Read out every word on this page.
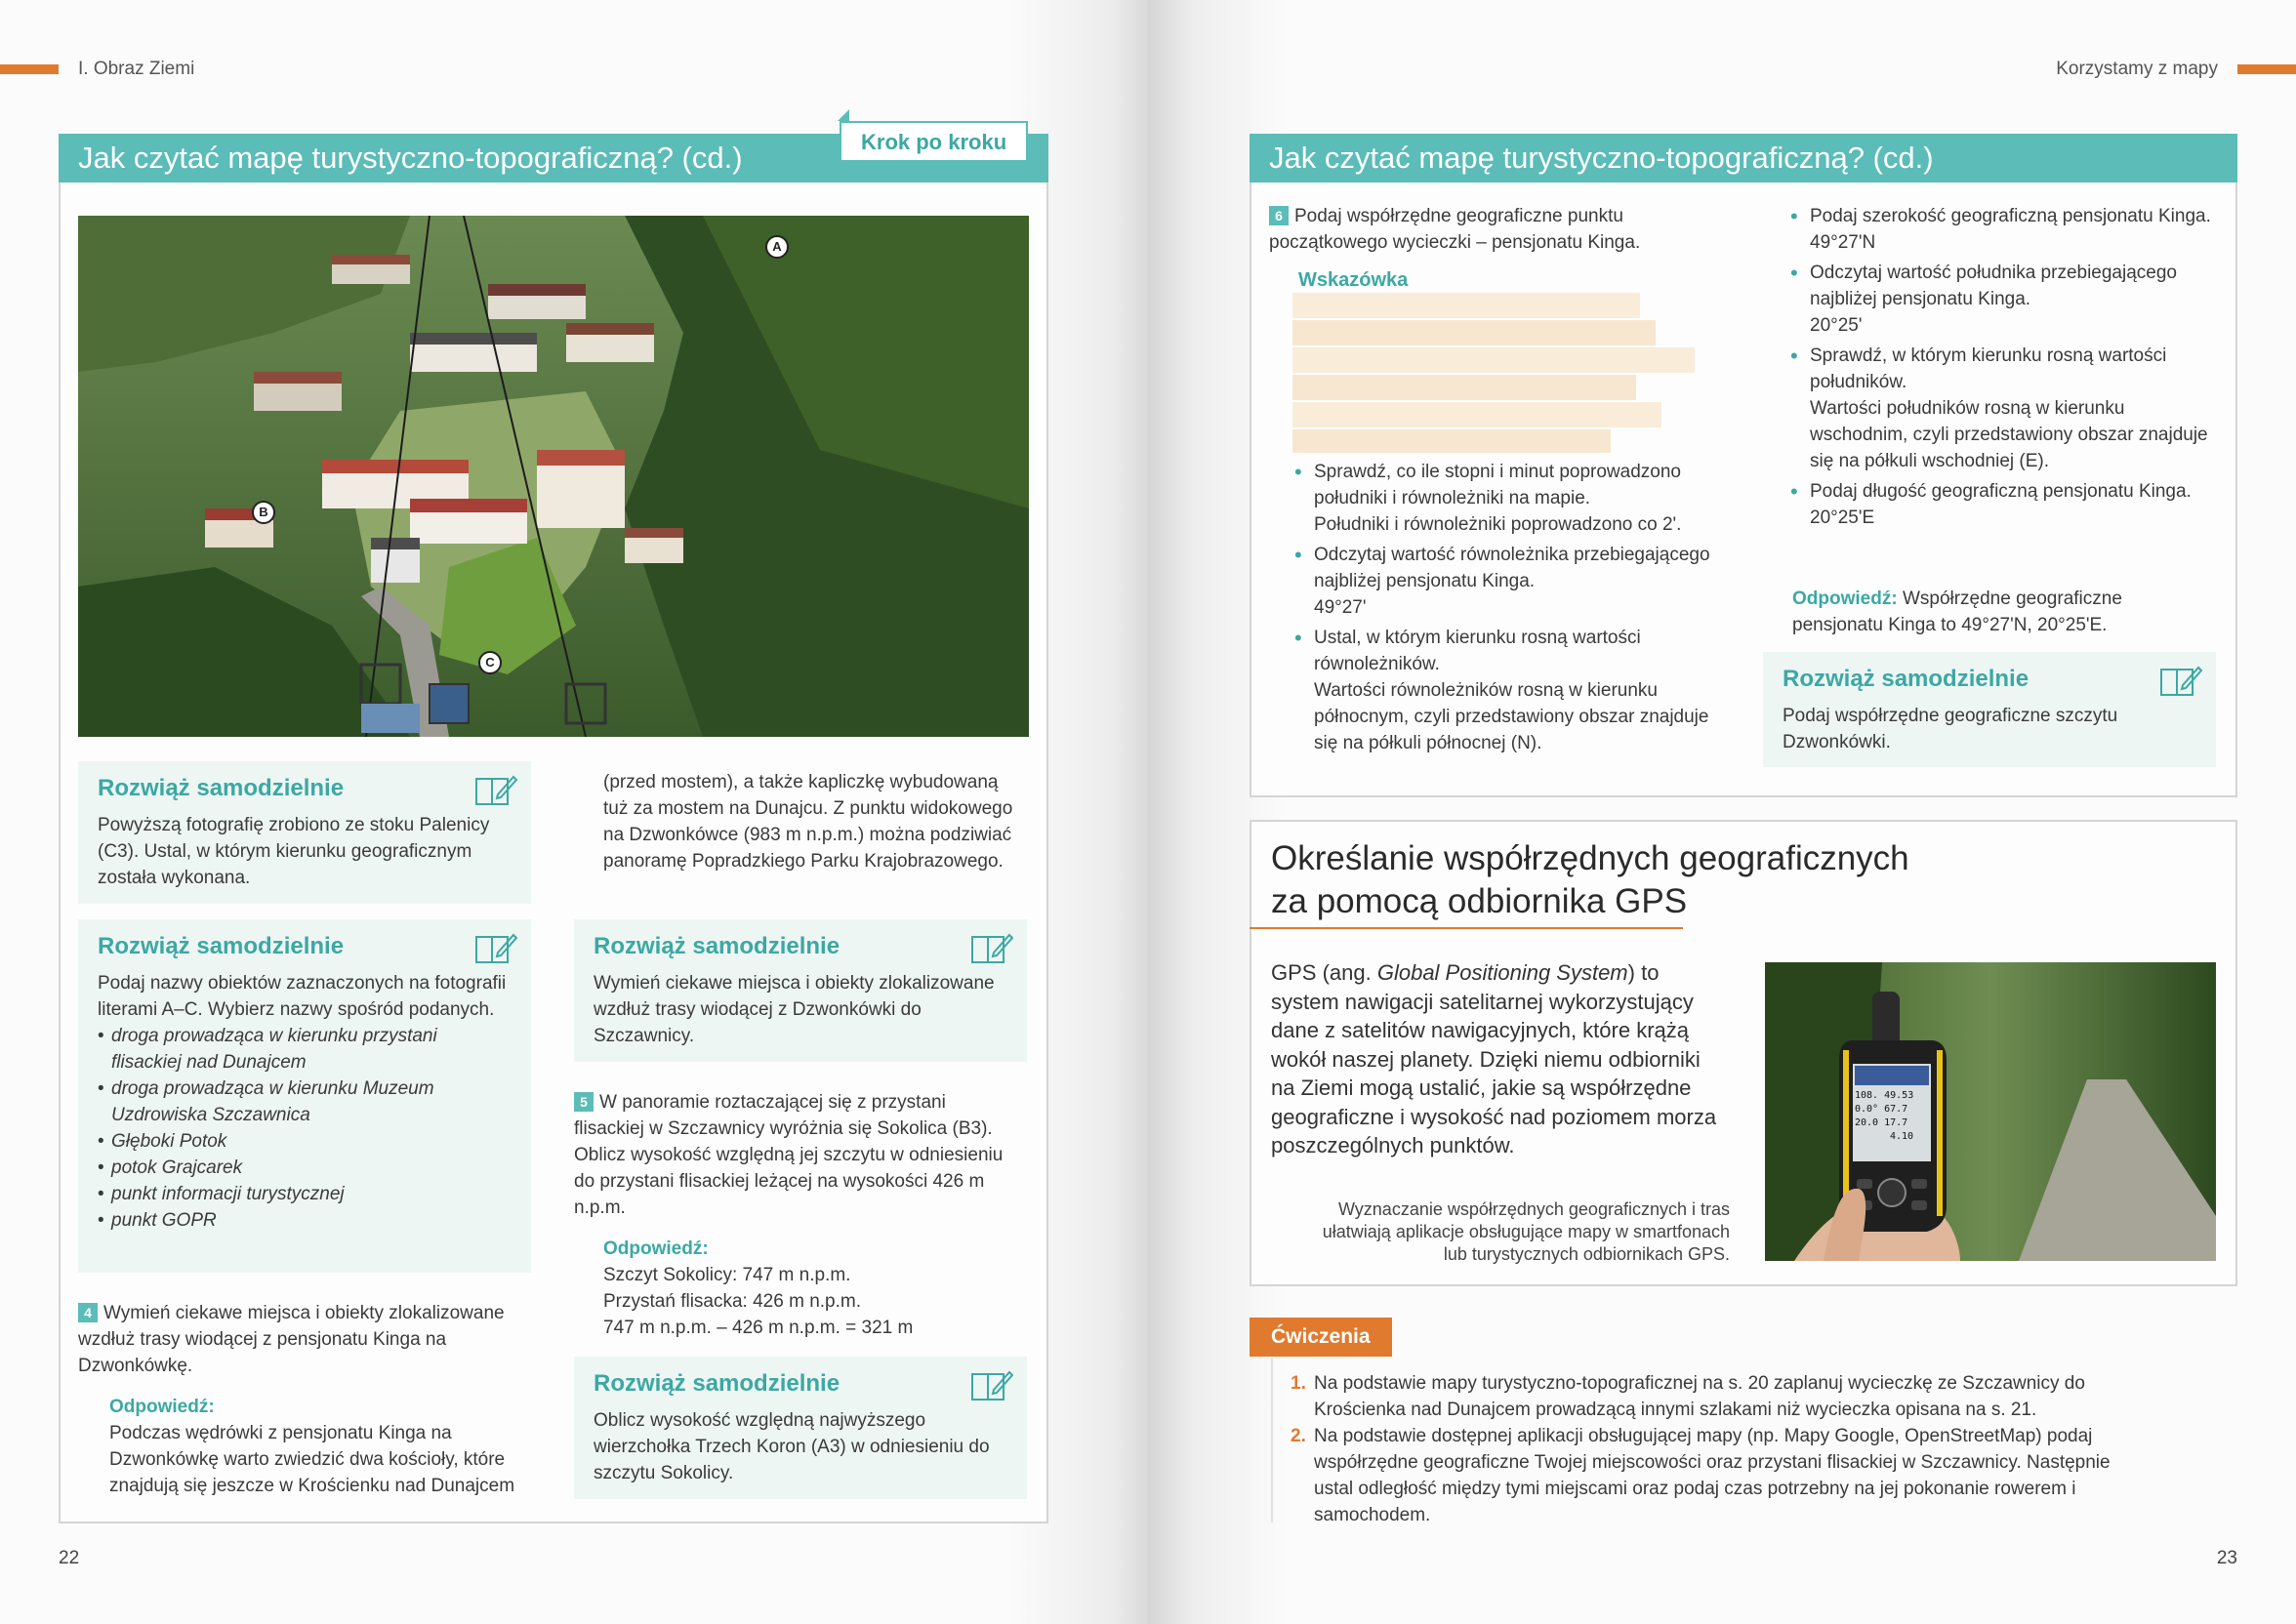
I. Obraz Ziemi
Jak czytać mapę turystyczno-topograficzną? (cd.)	Krok po kroku
A
B
C
Rozwiąż samodzielnie
Powyższą fotografię zrobiono ze stoku Palenicy (C3). Ustal, w którym kierunku geograficznym została wykonana.
Rozwiąż samodzielnie
Podaj nazwy obiektów zaznaczonych na fotografii literami A–C. Wybierz nazwy spośród podanych.
• droga prowadząca w kierunku przystani flisackiej nad Dunajcem
• droga prowadząca w kierunku Muzeum Uzdrowiska Szczawnica
• Głęboki Potok
• potok Grajcarek
• punkt informacji turystycznej
• punkt GOPR
4 Wymień ciekawe miejsca i obiekty zlokalizowane wzdłuż trasy wiodącej z pensjonatu Kinga na Dzwonkówkę.
Odpowiedź:
Podczas wędrówki z pensjonatu Kinga na Dzwonkówkę warto zwiedzić dwa kościoły, które znajdują się jeszcze w Krościenku nad Dunajcem
(przed mostem), a także kapliczkę wybudowaną tuż za mostem na Dunajcu. Z punktu widokowego na Dzwonkówce (983 m n.p.m.) można podziwiać panoramę Popradzkiego Parku Krajobrazowego.
Rozwiąż samodzielnie
Wymień ciekawe miejsca i obiekty zlokalizowane wzdłuż trasy wiodącej z Dzwonkówki do Szczawnicy.
5 W panoramie roztaczającej się z przystani flisackiej w Szczawnicy wyróżnia się Sokolica (B3). Oblicz wysokość względną jej szczytu w odniesieniu do przystani flisackiej leżącej na wysokości 426 m n.p.m.
Odpowiedź:
Szczyt Sokolicy: 747 m n.p.m.
Przystań flisacka: 426 m n.p.m.
747 m n.p.m. – 426 m n.p.m. = 321 m
Rozwiąż samodzielnie
Oblicz wysokość względną najwyższego wierzchołka Trzech Koron (A3) w odniesieniu do szczytu Sokolicy.
22
Korzystamy z mapy
Jak czytać mapę turystyczno-topograficzną? (cd.)
6 Podaj współrzędne geograficzne punktu początkowego wycieczki – pensjonatu Kinga.
Wskazówka
• Sprawdź, co ile stopni i minut poprowadzono południki i równoleżniki na mapie.
Południki i równoleżniki poprowadzono co 2'.
• Odczytaj wartość równoleżnika przebiegającego najbliżej pensjonatu Kinga.
49°27'
• Ustal, w którym kierunku rosną wartości równoleżników.
Wartości równoleżników rosną w kierunku północnym, czyli przedstawiony obszar znajduje się na półkuli północnej (N).
• Podaj szerokość geograficzną pensjonatu Kinga.
49°27'N
• Odczytaj wartość południka przebiegającego najbliżej pensjonatu Kinga.
20°25'
• Sprawdź, w którym kierunku rosną wartości południków.
Wartości południków rosną w kierunku wschodnim, czyli przedstawiony obszar znajduje się na półkuli wschodniej (E).
• Podaj długość geograficzną pensjonatu Kinga.
20°25'E
Odpowiedź: Współrzędne geograficzne pensjonatu Kinga to 49°27'N, 20°25'E.
Rozwiąż samodzielnie
Podaj współrzędne geograficzne szczytu Dzwonkówki.
Określanie współrzędnych geograficznych
za pomocą odbiornika GPS
GPS (ang. Global Positioning System) to system nawigacji satelitarnej wykorzystujący dane z satelitów nawigacyjnych, które krążą wokół naszej planety. Dzięki niemu odbiorniki na Ziemi mogą ustalić, jakie są współrzędne geograficzne i wysokość nad poziomem morza poszczególnych punktów.
Wyznaczanie współrzędnych geograficznych i tras ułatwiają aplikacje obsługujące mapy w smartfonach lub turystycznych odbiornikach GPS.
108. 49.53
0.0° 67.7
20.0 17.7
4.10
Ćwiczenia
1. Na podstawie mapy turystyczno-topograficznej na s. 20 zaplanuj wycieczkę ze Szczawnicy do Krościenka nad Dunajcem prowadzącą innymi szlakami niż wycieczka opisana na s. 21.
2. Na podstawie dostępnej aplikacji obsługującej mapy (np. Mapy Google, OpenStreetMap) podaj współrzędne geograficzne Twojej miejscowości oraz przystani flisackiej w Szczawnicy. Następnie ustal odległość między tymi miejscami oraz podaj czas potrzebny na jej pokonanie rowerem i samochodem.
23
